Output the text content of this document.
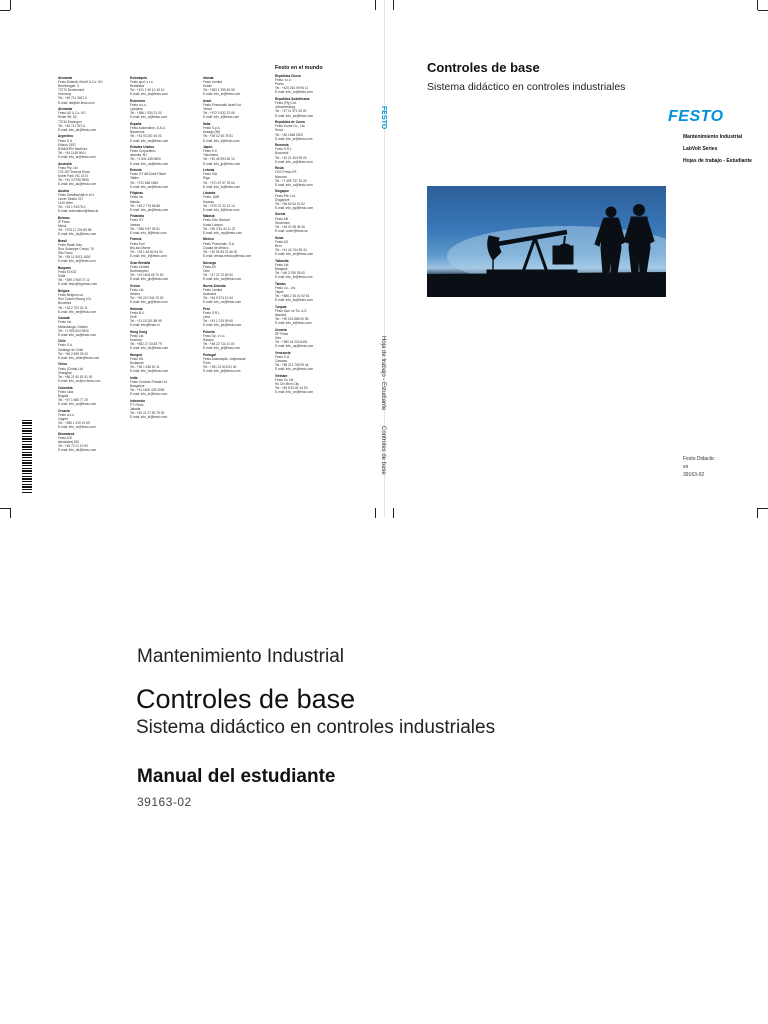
Alemania
Festo Didactic GmbH & Co. KG
Rechbergstr. 3
73770 Denkendorf
Germany
Tel.: +49 711 3467-0
E-mail: did@de.festo.com
Alemania
Festo AG & Co. KG
Ruiter Str. 82
73734 Esslingen
Tel.: +49 711 347-0
E-mail: info_de@festo.com
Argentina
Festo S.A.
Edison 2392
B1640HRV Martínez
Tel.: +54 1148 9041
E-mail: info_ar@festo.com
Australia
Festo Pty. Ltd.
179-187 Browns Road
Noble Park VIC 3174
Tel.: +61 3 9795 9555
E-mail: info_au@festo.com
Austria
Festo Gesellschaft m.b.H.
Linzer Straße 227
1140 Wien
Tel.: +43 1 91075-0
E-mail: automation@festo.at
Belarus
IP Festo
Minsk
Tel.: +375 17 204 85 58
E-mail: info_by@festo.com
Brasil
Festo Brasil Ltda
Rua Guiseppe Crespi, 76
São Paulo
Tel.: +55 11 5013-1600
E-mail: info_br@festo.com
Bulgaria
Festo EOOD
Sofia
Tel.: +359 2 960 07 12
E-mail: festo@bg.festo.com
Bélgica
Festo Belgium sa
Rue Colonel Bourg 101
Bruxelles
Tel.: +32 2 702 32 11
E-mail: info_be@festo.com
Canadá
Festo Inc.
Mississauga, Ontario
Tel.: +1 905 624 9000
E-mail: info_ca@festo.com
Chile
Festo S.A.
Santiago de Chile
Tel.: +56 2 690 28 00
E-mail: info_chile@festo.com
China
Festo (China) Ltd.
Shanghai
Tel.: +86 21 60 81 51 00
E-mail: info_cn@cn.festo.com
Colombia
Festo Ltda.
Bogotá
Tel.: +57 1 865 77 29
E-mail: info_co@festo.com
Croacia
Festo d.o.o.
Zagreb
Tel.: +385 1 619 19 69
E-mail: info_hr@festo.com
Dinamarca
Festo A/S
Islevdalvej 180
Tel.: +45 70 21 10 90
E-mail: info_dk@festo.com
Eslovaquia
Festo spol. s r.o.
Bratislava
Tel.: +421 2 49 10 49 10
E-mail: info_sk@festo.com
Eslovenia
Festo d.o.o.
Ljubljana
Tel.: +386 1 530 21 00
E-mail: info_si@festo.com
España
Festo Automation, S.A.U.
Barcelona
Tel.: +34 93 261 64 00
E-mail: info_es@festo.com
Estados Unidos
Festo Corporation
Islandia, NY
Tel.: +1 631 435 0800
E-mail: info_us@festo.com
Estonia
Festo OY AB Eesti Filiaal
Tallinn
Tel.: +372 666 1560
E-mail: info_ee@festo.com
Filipinas
Festo Inc.
Manila
Tel.: +63 2 776 68 88
E-mail: info_ph@festo.com
Finlandia
Festo OY
Vantaa
Tel.: +358 9 87 06 51
E-mail: info_fi@festo.com
Francia
Festo Eurl
Bry-sur-Marne
Tel.: +33 1 48 82 64 00
E-mail: info_fr@festo.com
Gran Bretaña
Festo Limited
Northampton
Tel.: +44 1604 66 70 00
E-mail: info_gb@festo.com
Grecia
Festo Ltd.
Athens
Tel.: +30 210 341 29 00
E-mail: info_gr@festo.com
Holanda
Festo B.V.
Delft
Tel.: +31 15 251 88 99
E-mail: info@festo.nl
Hong Kong
Festo Ltd.
Kowloon
Tel.: +852 27 43 83 79
E-mail: info_hk@festo.com
Hungría
Festo Kft.
Budapest
Tel.: +36 1 436 51 11
E-mail: info_hu@festo.com
India
Festo Controls Private Ltd.
Bangalore
Tel.: +91 1800 425 0036
E-mail: info_in@festo.com
Indonesia
PT. Festo
Jakarta
Tel.: +62 21 27 50 79 00
E-mail: info_id@festo.com
Irlanda
Festo Limited
Dublin
Tel.: +353 1 295 49 55
E-mail: info_ie@festo.com
Israel
Festo Pneumatic Israel Ltd.
Yehud
Tel.: +972 3 632 22 66
E-mail: info_il@festo.com
Italia
Festo S.p.A.
Assago (MI)
Tel.: +39 02 45 78 81
E-mail: info_it@festo.com
Japón
Festo K.K.
Yokohama
Tel.: +81 45 593 56 10
E-mail: info_jp@festo.com
Letonia
Festo SIA
Riga
Tel.: +371 67 57 78 64
E-mail: info_lv@festo.com
Lituania
Festo, UAB
Kaunas
Tel.: +370 37 32 13 14
E-mail: info_lt@festo.com
Malasia
Festo Sdn. Berhad
Kuala Lumpur
Tel.: +60 3 61 44 11 22
E-mail: info_my@festo.com
México
Festo Pneumatic, S.A.
Ciudad de México
Tel.: +52 55 53 21 66 00
E-mail: ventas.mexico@festo.com
Noruega
Festo AS
Oslo
Tel.: +47 22 72 89 50
E-mail: info_no@festo.com
Nueva Zelanda
Festo Limited
Auckland
Tel.: +64 9 574 10 94
E-mail: info_nz@festo.com
Perú
Festo S.R.L.
Lima
Tel.: +51 1 219 69 60
E-mail: info_pe@festo.com
Polonia
Festo Sp. z o.o.
Raszyn
Tel.: +48 22 711 41 00
E-mail: info_pl@festo.com
Portugal
Festo Automação, Unipessoal
Porto
Tel.: +351 22 615 61 50
E-mail: info_pt@festo.com
Festo en el mundo
República Checa
Festo, s.r.o.
Praha
Tel.: +420 261 09 96 11
E-mail: info_cz@festo.com
República Sudafricana
Festo (Pty) Ltd.
Johannesburg
Tel.: +27 11 971 55 00
E-mail: info_za@festo.com
República de Corea
Festo Korea Co., Ltd.
Seoul
Tel.: +82 1666 0202
E-mail: info_kr@festo.com
Rumania
Festo S.R.L.
Bucureşti
Tel.: +40 21 403 95 00
E-mail: info_ro@festo.com
Rusia
OOO Festo-RF
Moscow
Tel.: +7 495 737 34 00
E-mail: info_ru@festo.com
Singapur
Festo Pte. Ltd.
Singapore
Tel.: +65 62 64 01 52
E-mail: info_sg@festo.com
Suecia
Festo AB
Stockholm
Tel.: +46 20 38 38 40
E-mail: order@festo.se
Suiza
Festo AG
Bern
Tel.: +41 44 744 55 44
E-mail: info_ch@festo.com
Tailandia
Festo Ltd.
Bangkok
Tel.: +66 2 290 28 00
E-mail: info_th@festo.com
Taiwán
Festo Co., Ltd.
Taipei
Tel.: +886 2 26 01 92 81
E-mail: info_tw@festo.com
Turquía
Festo San. ve Tic. A.S.
Istanbul
Tel.: +90 216 585 00 85
E-mail: info_tr@festo.com
Ucrania
DP Festo
Kiev
Tel.: +380 44 233 6451
E-mail: info_ua@festo.com
Venezuela
Festo C.A.
Caracas
Tel.: +58 212 759 09 44
E-mail: info_ve@festo.com
Vietnam
Festo Co Ltd
Ho Chi Minh City
Tel.: +84 8 62 81 44 53
E-mail: info_vn@festo.com
FESTO
Hoja de trabajo - Estudiante
Controles de base
Controles de base
Sistema didáctico en controles industriales
FESTO
Mantenimiento Industrial
LabVolt Series
Hojas de trabajo - Estudiante
Festo Didactic
es
39163-02
Mantenimiento Industrial
Controles de base
Sistema didáctico en controles industriales
Manual del estudiante
39163-02
